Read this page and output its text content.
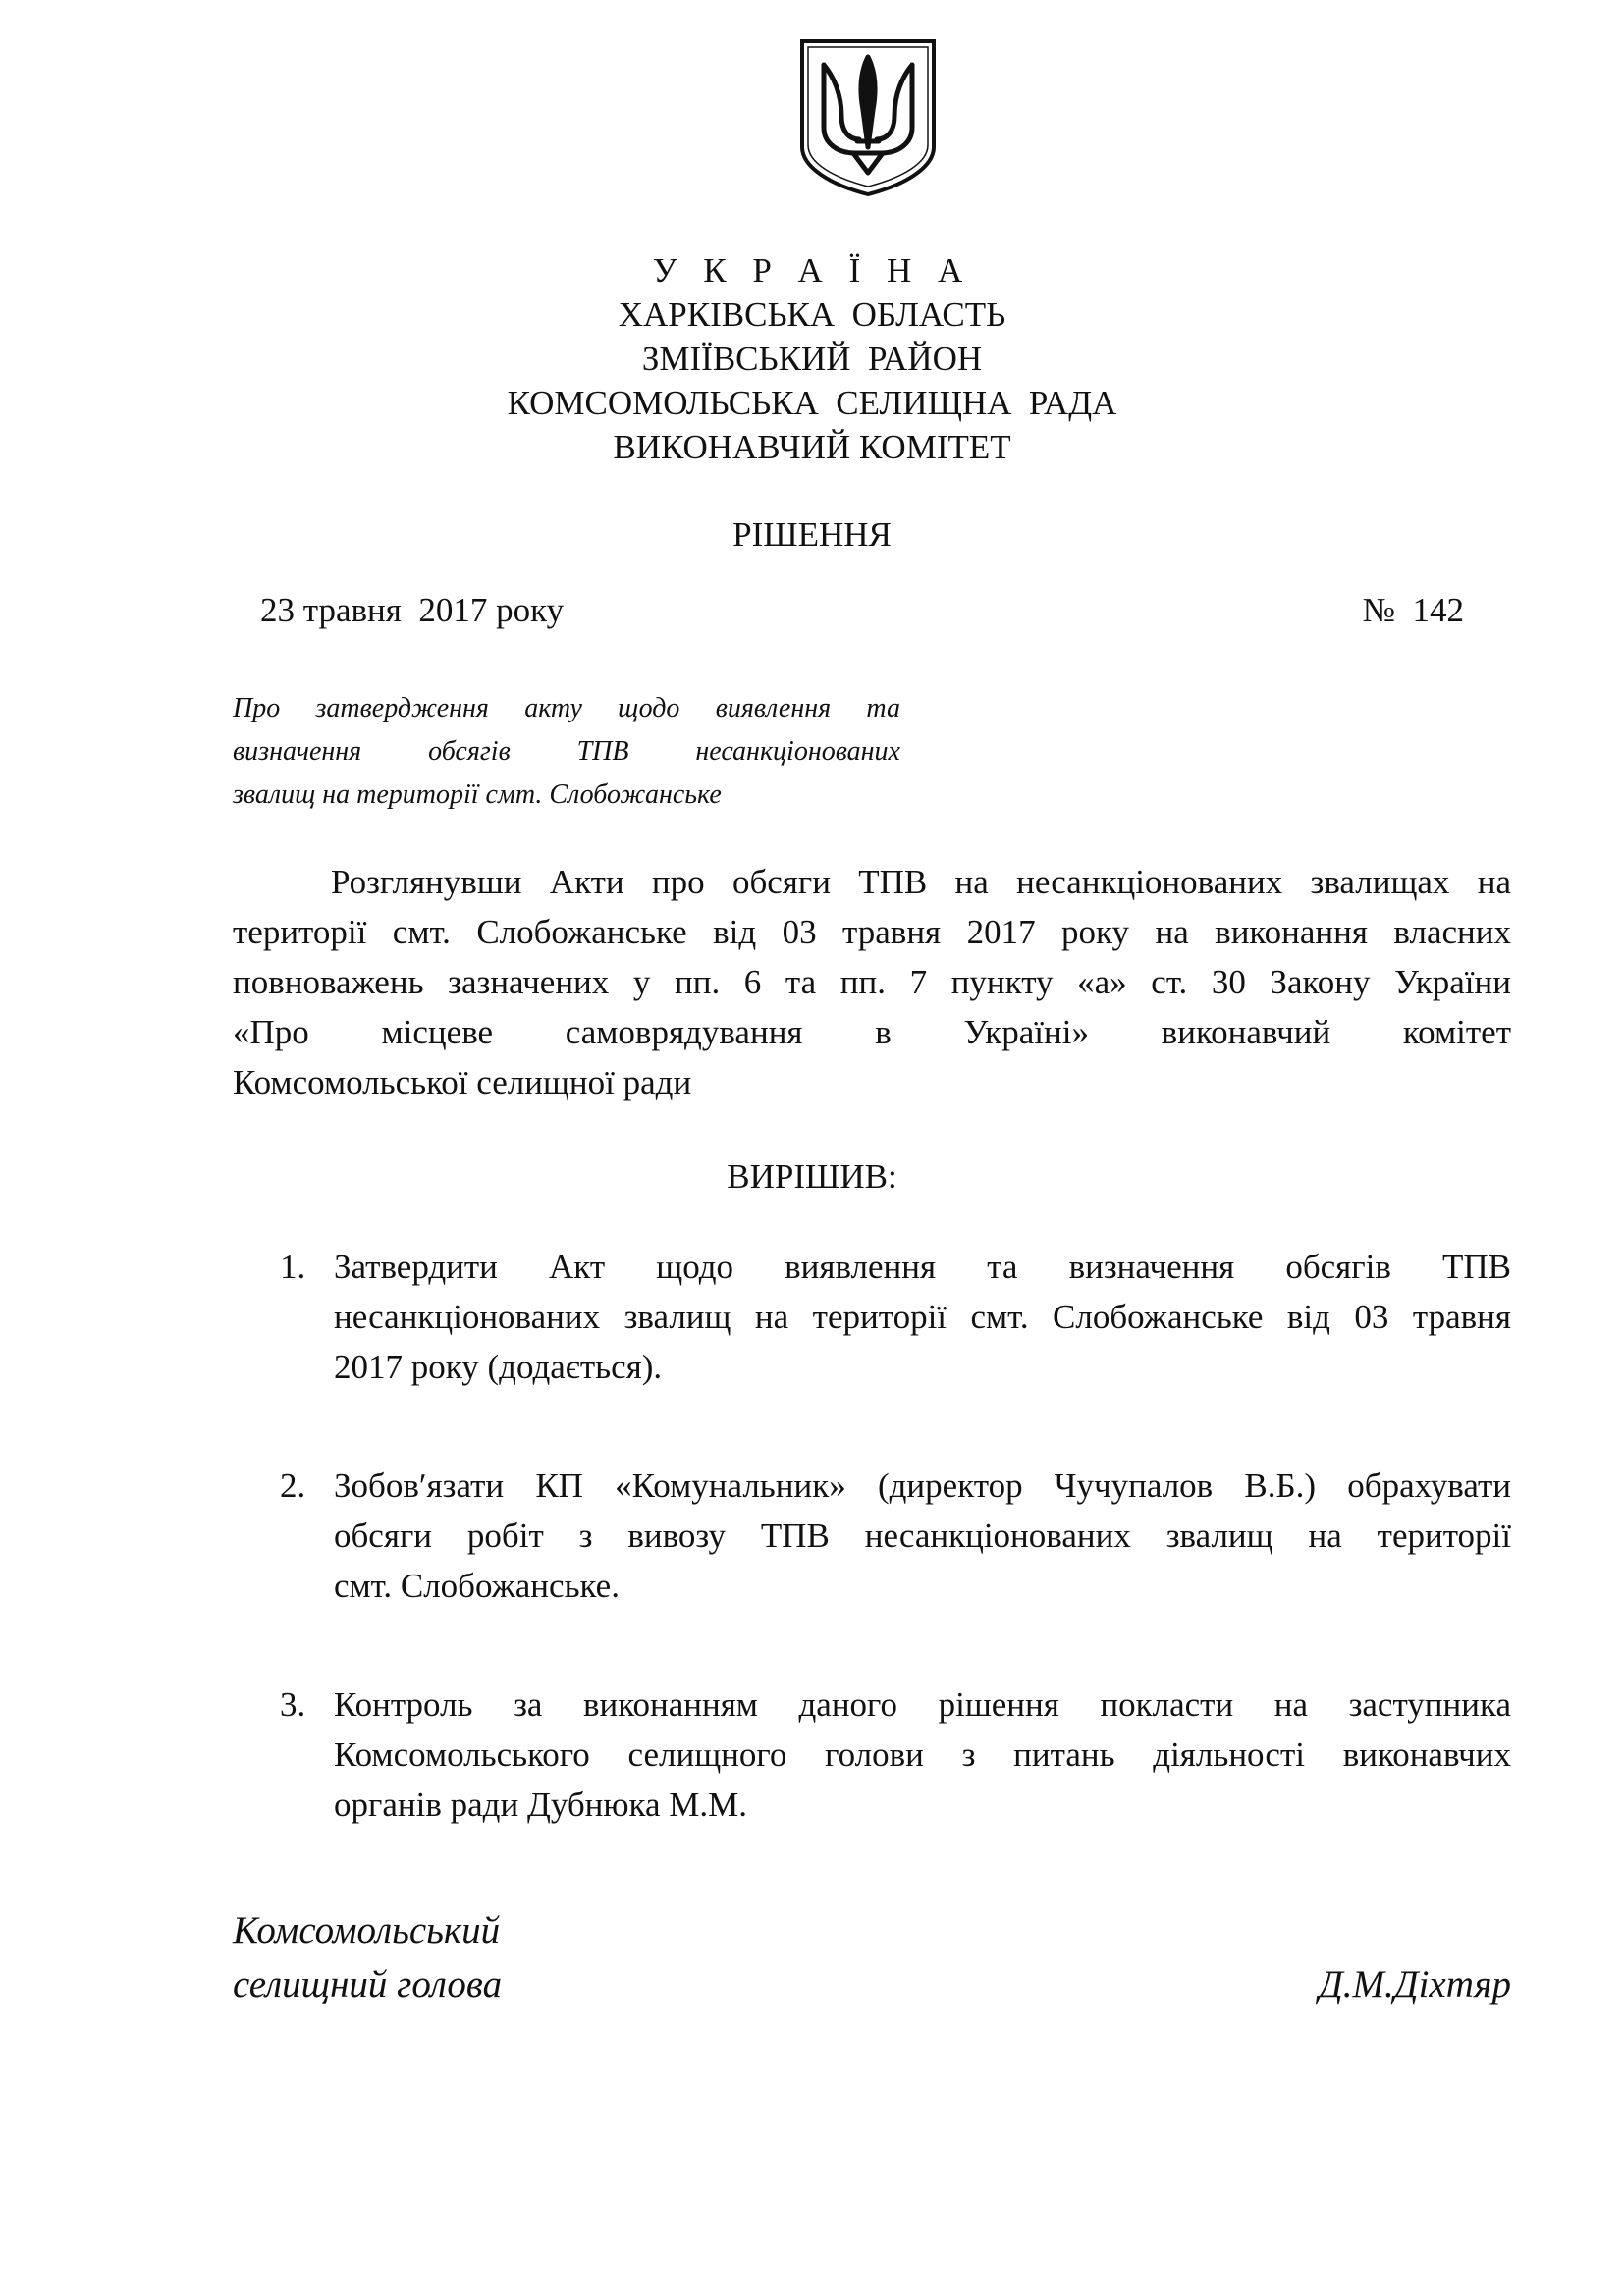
У К Р А Ї Н А
ХАРКІВСЬКА  ОБЛАСТЬ
ЗМІЇВСЬКИЙ  РАЙОН
КОМСОМОЛЬСЬКА  СЕЛИЩНА  РАДА
ВИКОНАВЧИЙ КОМІТЕТ
РІШЕННЯ
23 травня  2017 року	№  142
Про затвердження акту щодо виявлення та
визначення обсягів ТПВ несанкціонованих
звалищ на території смт. Слобожанське
Розглянувши Акти про обсяги ТПВ на несанкціонованих звалищах на
території смт. Слобожанське від 03 травня 2017 року на виконання власних
повноважень зазначених у пп. 6 та пп. 7 пункту «а» ст. 30 Закону України
«Про місцеве самоврядування в Україні» виконавчий комітет
Комсомольської селищної ради
ВИРІШИВ:
1. Затвердити Акт щодо виявлення та визначення обсягів ТПВ
несанкціонованих звалищ на території смт. Слобожанське від 03 травня
2017 року (додається).
2. Зобовʹязати КП «Комунальник» (директор Чучупалов В.Б.) обрахувати
обсяги робіт з вивозу ТПВ несанкціонованих звалищ на території
смт. Слобожанське.
3. Контроль за виконанням даного рішення покласти на заступника
Комсомольського селищного голови з питань діяльності виконавчих
органів ради Дубнюка М.М.
Комсомольський
селищний голова	Д.М.Діхтяр
